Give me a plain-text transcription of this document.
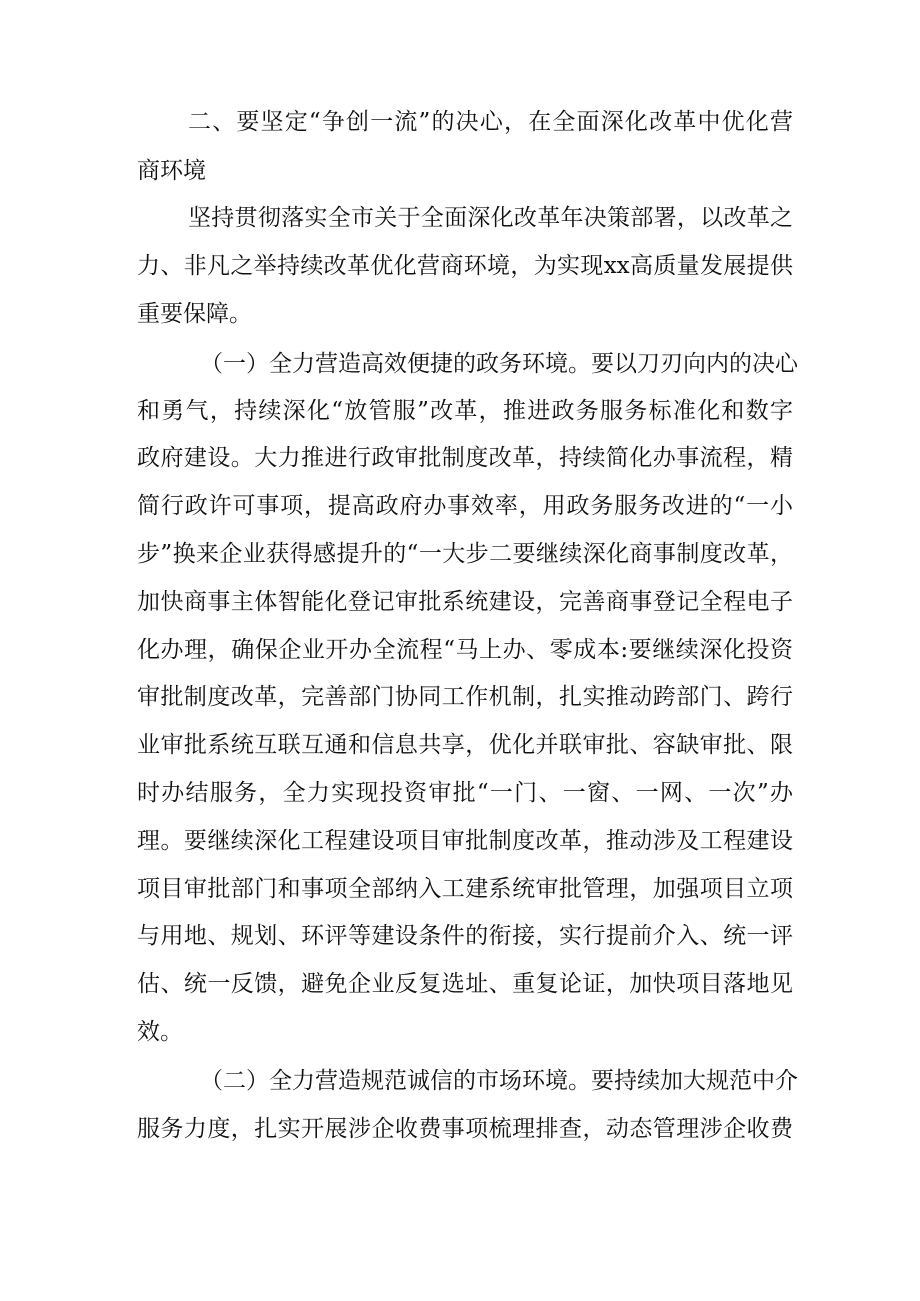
二、要坚定“争创一流”的决心，在全面深化改革中优化营
商环境
坚持贯彻落实全市关于全面深化改革年决策部署，以改革之
力、非凡之举持续改革优化营商环境，为实现xx高质量发展提供
重要保障。
（一）全力营造高效便捷的政务环境。要以刀刃向内的决心
和勇气，持续深化“放管服”改革，推进政务服务标准化和数字
政府建设。大力推进行政审批制度改革，持续简化办事流程，精
简行政许可事项，提高政府办事效率，用政务服务改进的“一小
步”换来企业获得感提升的“一大步二要继续深化商事制度改革，
加快商事主体智能化登记审批系统建设，完善商事登记全程电子
化办理，确保企业开办全流程“马上办、零成本:要继续深化投资
审批制度改革，完善部门协同工作机制，扎实推动跨部门、跨行
业审批系统互联互通和信息共享，优化并联审批、容缺审批、限
时办结服务，全力实现投资审批“一门、一窗、一网、一次”办
理。要继续深化工程建设项目审批制度改革，推动涉及工程建设
项目审批部门和事项全部纳入工建系统审批管理，加强项目立项
与用地、规划、环评等建设条件的衔接，实行提前介入、统一评
估、统一反馈，避免企业反复选址、重复论证，加快项目落地见
效。
（二）全力营造规范诚信的市场环境。要持续加大规范中介
服务力度，扎实开展涉企收费事项梳理排查，动态管理涉企收费
